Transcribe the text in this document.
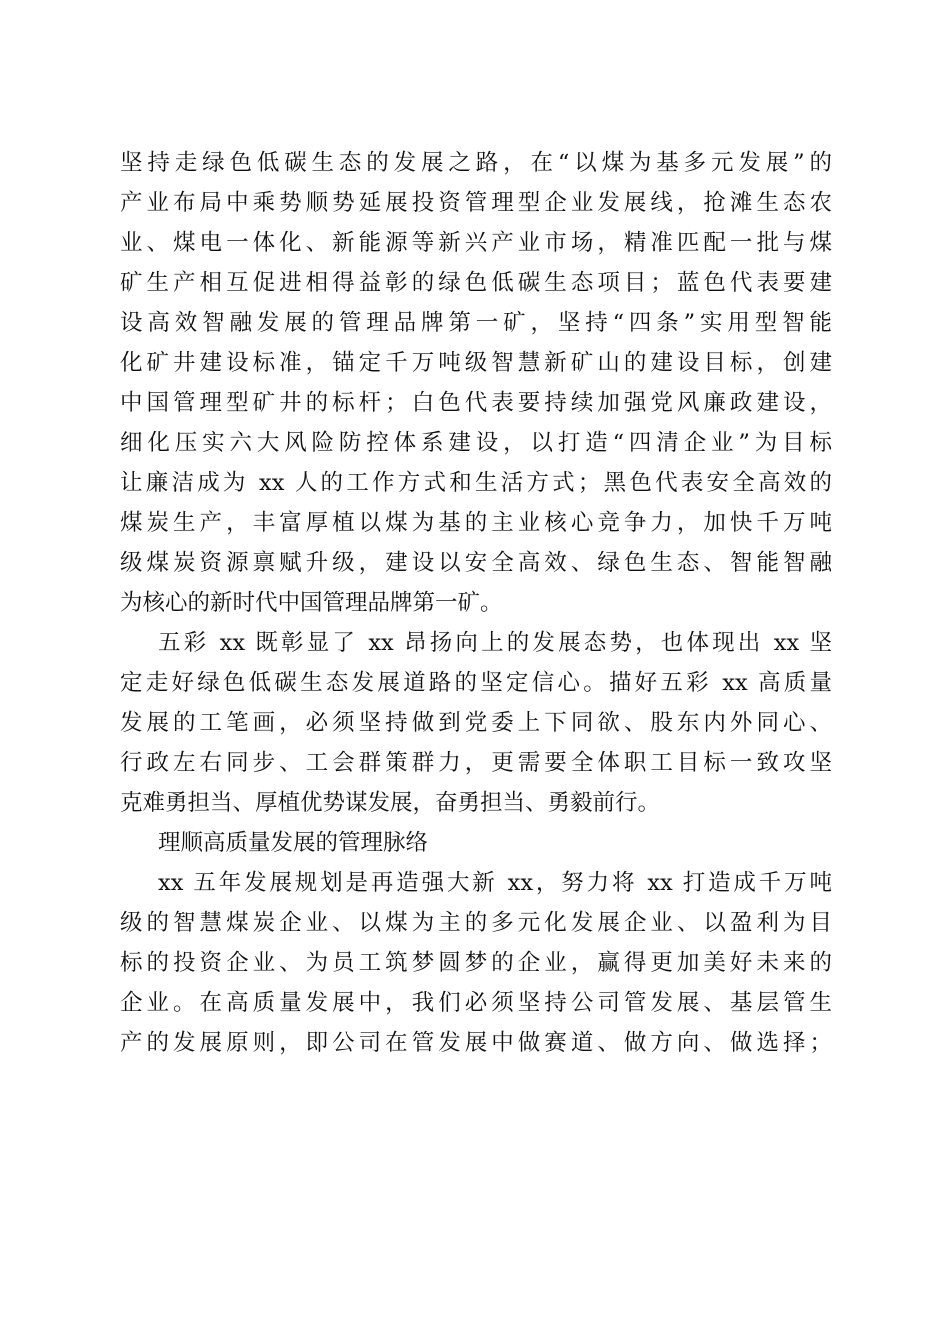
坚持走绿色低碳生态的发展之路，在“以煤为基多元发展”的
产业布局中乘势顺势延展投资管理型企业发展线，抢滩生态农
业、煤电一体化、新能源等新兴产业市场，精准匹配一批与煤
矿生产相互促进相得益彰的绿色低碳生态项目；蓝色代表要建
设高效智融发展的管理品牌第一矿，坚持“四条”实用型智能
化矿井建设标准，锚定千万吨级智慧新矿山的建设目标，创建
中国管理型矿井的标杆；白色代表要持续加强党风廉政建设，
细化压实六大风险防控体系建设，以打造“四清企业”为目标
让廉洁成为 xx 人的工作方式和生活方式；黑色代表安全高效的
煤炭生产，丰富厚植以煤为基的主业核心竞争力，加快千万吨
级煤炭资源禀赋升级，建设以安全高效、绿色生态、智能智融
为核心的新时代中国管理品牌第一矿。
五彩 xx 既彰显了 xx 昂扬向上的发展态势，也体现出 xx 坚
定走好绿色低碳生态发展道路的坚定信心。描好五彩 xx 高质量
发展的工笔画，必须坚持做到党委上下同欲、股东内外同心、
行政左右同步、工会群策群力，更需要全体职工目标一致攻坚
克难勇担当、厚植优势谋发展，奋勇担当、勇毅前行。
理顺高质量发展的管理脉络
xx 五年发展规划是再造强大新 xx，努力将 xx 打造成千万吨
级的智慧煤炭企业、以煤为主的多元化发展企业、以盈利为目
标的投资企业、为员工筑梦圆梦的企业，赢得更加美好未来的
企业。在高质量发展中，我们必须坚持公司管发展、基层管生
产的发展原则，即公司在管发展中做赛道、做方向、做选择；
